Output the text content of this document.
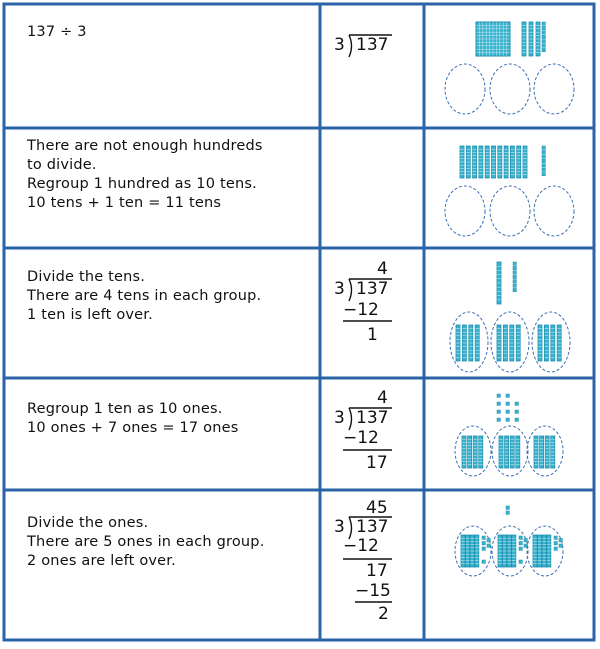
137 ÷ 3
There are not enough hundreds
to divide.
Regroup 1 hundred as 10 tens.
10 tens + 1 ten = 11 tens
Divide the tens.
There are 4 tens in each group.
1 ten is left over.
Regroup 1 ten as 10 ones.
10 ones + 7 ones = 17 ones
Divide the ones.
There are 5 ones in each group.
2 ones are left over.
3 137
4
3 137
−12
1
4
3 137
−12
17
45
3 137
−12
17
−15
2
